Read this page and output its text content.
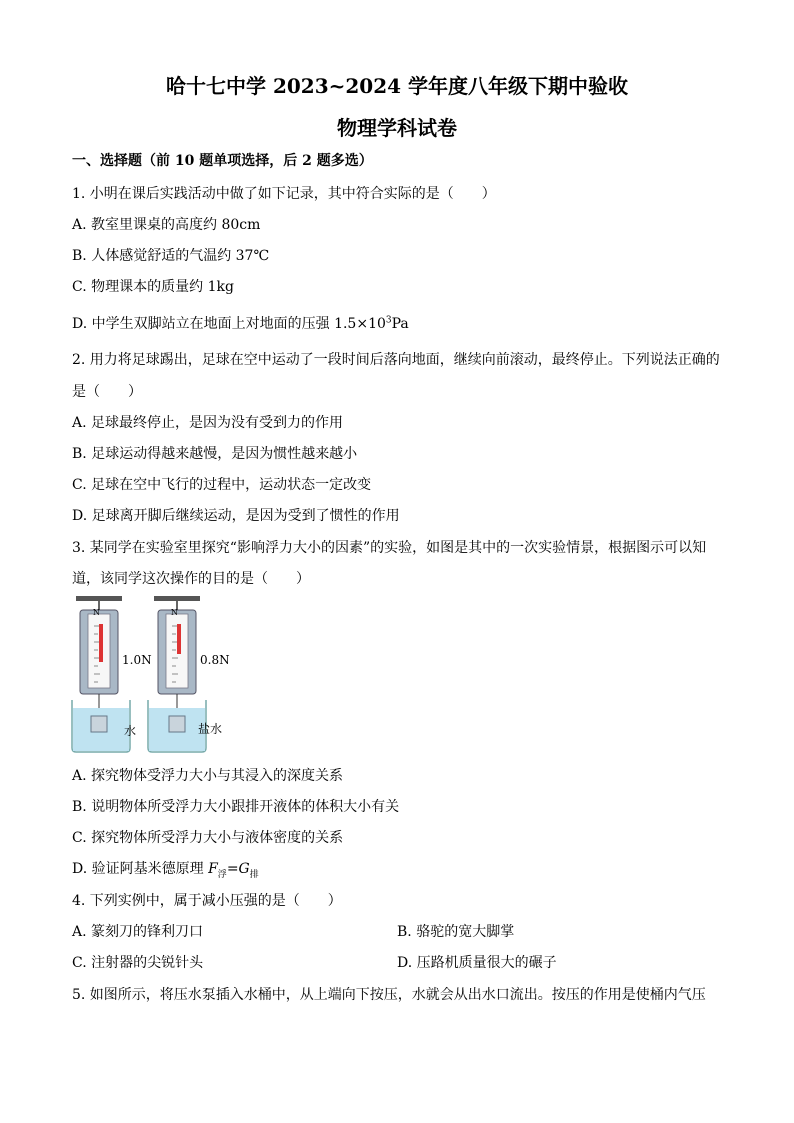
哈十七中学 2023~2024 学年度八年级下期中验收
物理学科试卷
一、选择题（前 10 题单项选择，后 2 题多选）
1. 小明在课后实践活动中做了如下记录，其中符合实际的是（　　）
A. 教室里课桌的高度约 80cm
B. 人体感觉舒适的气温约 37℃
C. 物理课本的质量约 1kg
D. 中学生双脚站立在地面上对地面的压强 $1.5\times 10^3Pa$
2. 用力将足球踢出，足球在空中运动了一段时间后落向地面，继续向前滚动，最终停止。下列说法正确的
是（　　）
A. 足球最终停止，是因为没有受到力的作用
B. 足球运动得越来越慢，是因为惯性越来越小
C. 足球在空中飞行的过程中，运动状态一定改变
D. 足球离开脚后继续运动，是因为受到了惯性的作用
3. 某同学在实验室里探究“影响浮力大小的因素”的实验，如图是其中的一次实验情景，根据图示可以知
道，该同学这次操作的目的是（　　）
N	N
1.0N	0.8N
水	盐水
A. 探究物体受浮力大小与其浸入的深度关系
B. 说明物体所受浮力大小跟排开液体的体积大小有关
C. 探究物体所受浮力大小与液体密度的关系
D. 验证阿基米德原理 $F_浮=G_排$
4. 下列实例中，属于减小压强的是（　　）
A. 篆刻刀的锋利刀口	B. 骆驼的宽大脚掌
C. 注射器的尖锐针头	D. 压路机质量很大的碾子
5. 如图所示，将压水泵插入水桶中，从上端向下按压，水就会从出水口流出。按压的作用是使桶内气压
